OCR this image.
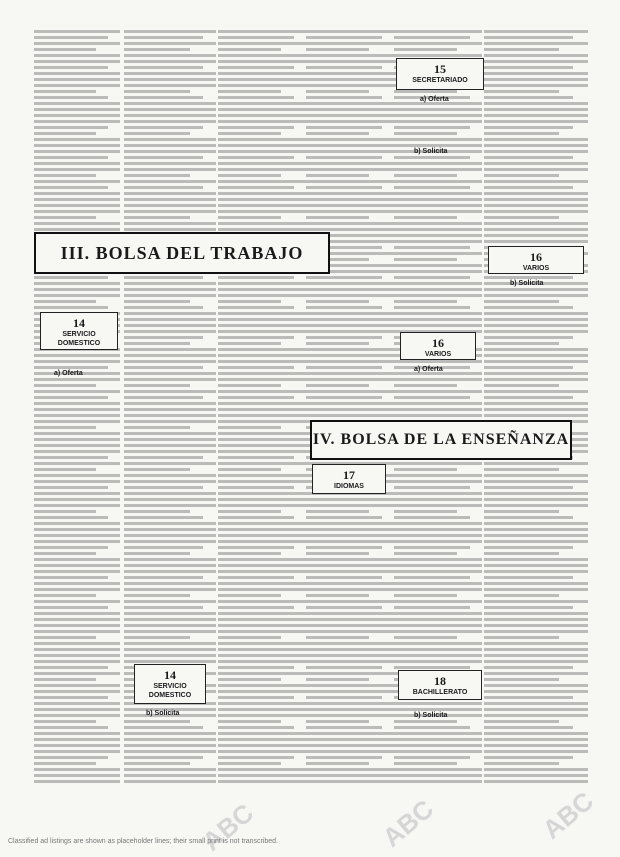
III. BOLSA DEL TRABAJO
IV. BOLSA DE LA ENSEÑANZA
15
SECRETARIADO
16
VARIOS
16
VARIOS
14
SERVICIO DOMESTICO
14
SERVICIO DOMESTICO
17
IDIOMAS
18
BACHILLERATO
a) Oferta
b) Solicita
a) Oferta
b) Solicita
a) Oferta
b) Solicita
b) Solicita
ABC	ABC	ABC
Classified ad listings are shown as placeholder lines; their small print is not transcribed.
